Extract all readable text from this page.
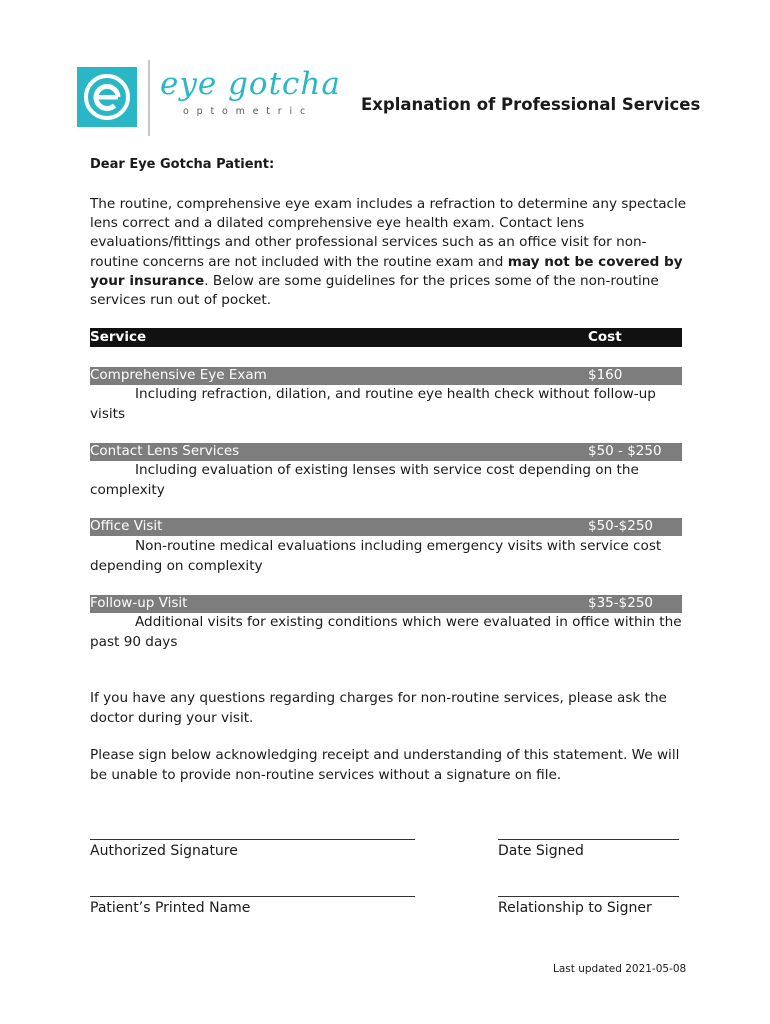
eye gotcha
optometric	Explanation of Professional Services
Dear Eye Gotcha Patient:
The routine, comprehensive eye exam includes a refraction to determine any spectacle lens correct and a dilated comprehensive eye health exam. Contact lens evaluations/fittings and other professional services such as an office visit for non-routine concerns are not included with the routine exam and may not be covered by your insurance. Below are some guidelines for the prices some of the non-routine services run out of pocket.
Service	Cost
Comprehensive Eye Exam	$160
Including refraction, dilation, and routine eye health check without follow-up visits
Contact Lens Services	$50 - $250
Including evaluation of existing lenses with service cost depending on the complexity
Office Visit	$50-$250
Non-routine medical evaluations including emergency visits with service cost depending on complexity
Follow-up Visit	$35-$250
Additional visits for existing conditions which were evaluated in office within the past 90 days
If you have any questions regarding charges for non-routine services, please ask the doctor during your visit.
Please sign below acknowledging receipt and understanding of this statement. We will be unable to provide non-routine services without a signature on file.
Authorized Signature	Date Signed
Patient’s Printed Name	Relationship to Signer
Last updated 2021-05-08
